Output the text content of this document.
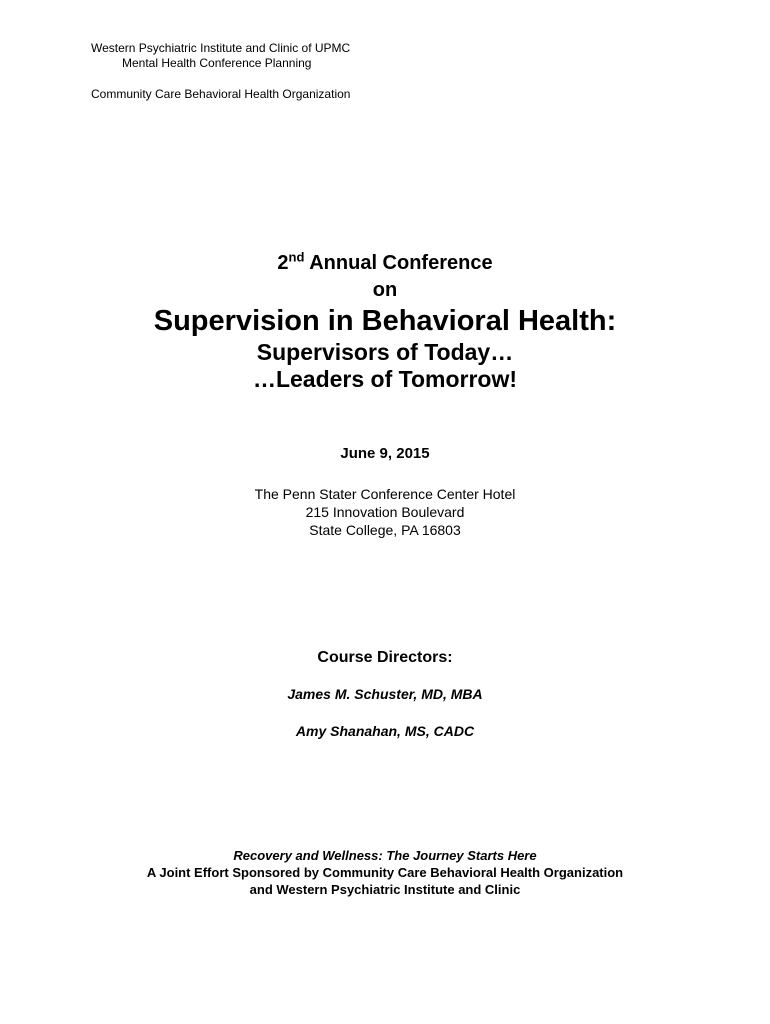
Western Psychiatric Institute and Clinic of UPMC
Mental Health Conference Planning
Community Care Behavioral Health Organization
2nd Annual Conference
on
Supervision in Behavioral Health:
Supervisors of Today…
…Leaders of Tomorrow!
June 9, 2015
The Penn Stater Conference Center Hotel
215 Innovation Boulevard
State College, PA 16803
Course Directors:
James M. Schuster, MD, MBA
Amy Shanahan, MS, CADC
Recovery and Wellness: The Journey Starts Here
A Joint Effort Sponsored by Community Care Behavioral Health Organization
and Western Psychiatric Institute and Clinic
